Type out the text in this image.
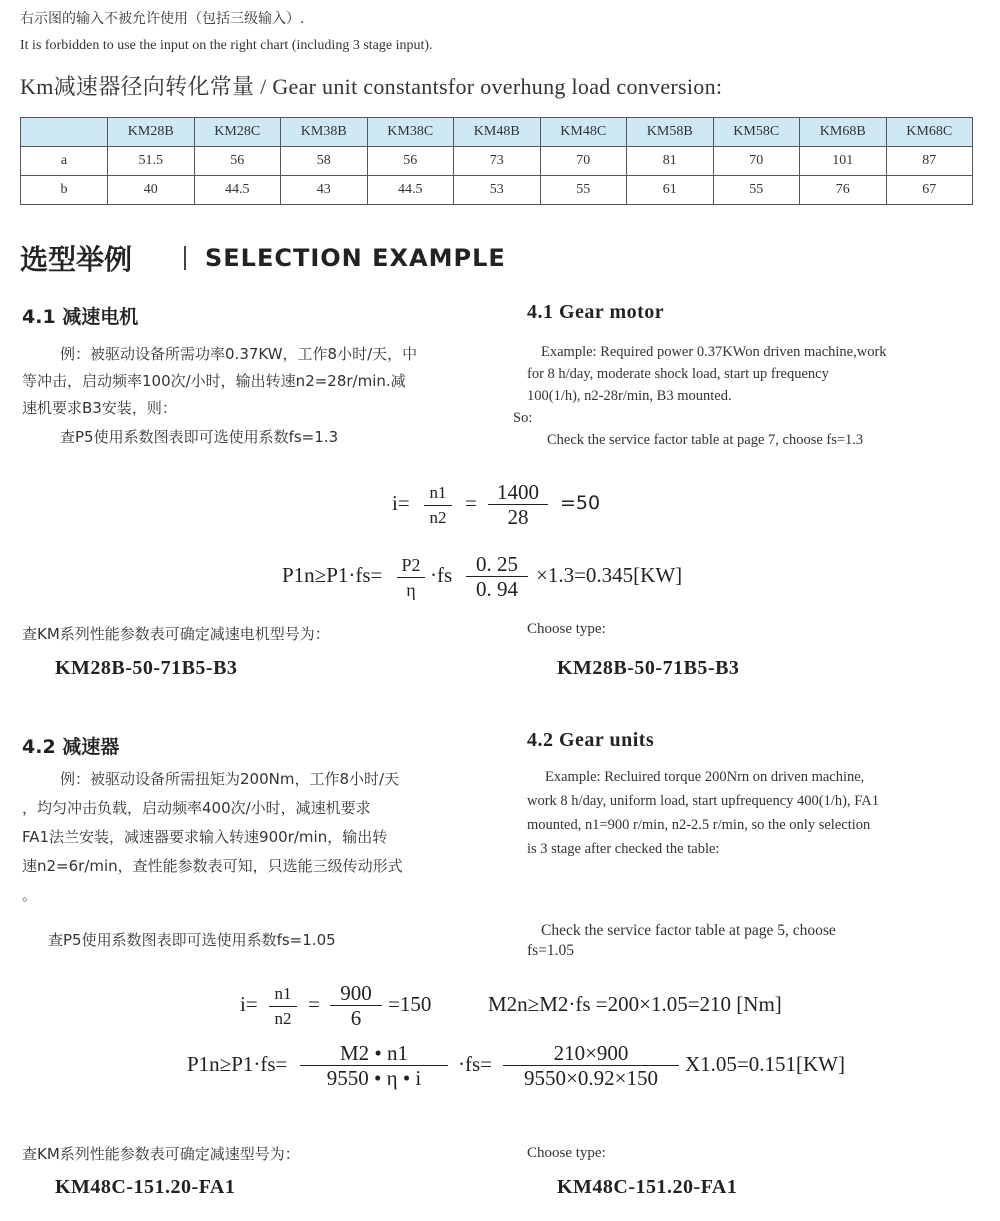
右示图的输入不被允许使用（包括三级输入）.
It is forbidden to use the input on the right chart (including 3 stage input).
Km减速器径向转化常量 / Gear unit constantsfor overhung load conversion:
	KM28B	KM28C	KM38B	KM38C	KM48B	KM48C	KM58B	KM58C	KM68B	KM68C
a	51.5	56	58	56	73	70	81	70	101	87
b	40	44.5	43	44.5	53	55	61	55	76	67
选型举例	SELECTION EXAMPLE
4.1 减速电机	4.1 Gear motor
例：被驱动设备所需功率0.37KW，工作8小时/天，中
等冲击，启动频率100次/小时，输出转速n2=28r/min.减
速机要求B3安装，则：
查P5使用系数图表即可选使用系数fs=1.3
Example: Required power 0.37KWon driven machine,work
for 8 h/day, moderate shock load, start up frequency
100(1/h), n2-28r/min, B3 mounted.
So:
Check the service factor table at page 7, choose fs=1.3
i=	n1
n2
= 1400
28
=50
P1n≥P1·fs= P2
η
·fs	0. 25
0. 94
×1.3=0.345[KW]
查KM系列性能参数表可确定减速电机型号为：	Choose type:
KM28B-50-71B5-B3	KM28B-50-71B5-B3
4.2 减速器	4.2 Gear units
例：被驱动设备所需扭矩为200Nm，工作8小时/天
，均匀冲击负载，启动频率400次/小时，减速机要求
FA1法兰安装，减速器要求输入转速900r/min，输出转
速n2=6r/min，查性能参数表可知，只选能三级传动形式
。
查P5使用系数图表即可选使用系数fs=1.05
Example: Recluired torque 200Nrn on driven machine,
work 8 h/day, uniform load, start upfrequency 400(1/h), FA1
mounted, n1=900 r/min, n2-2.5 r/min, so the only selection
is 3 stage after checked the table:
Check the service factor table at page 5, choose
fs=1.05
i= n1
n2
= 900
6
=150	M2n≥M2·fs =200×1.05=210 [Nm]
P1n≥P1·fs=	M2 • n1
9550 • η • i
·fs=	210×900
9550×0.92×150
X1.05=0.151[KW]
查KM系列性能参数表可确定减速型号为：	Choose type:
KM48C-151.20-FA1	KM48C-151.20-FA1
